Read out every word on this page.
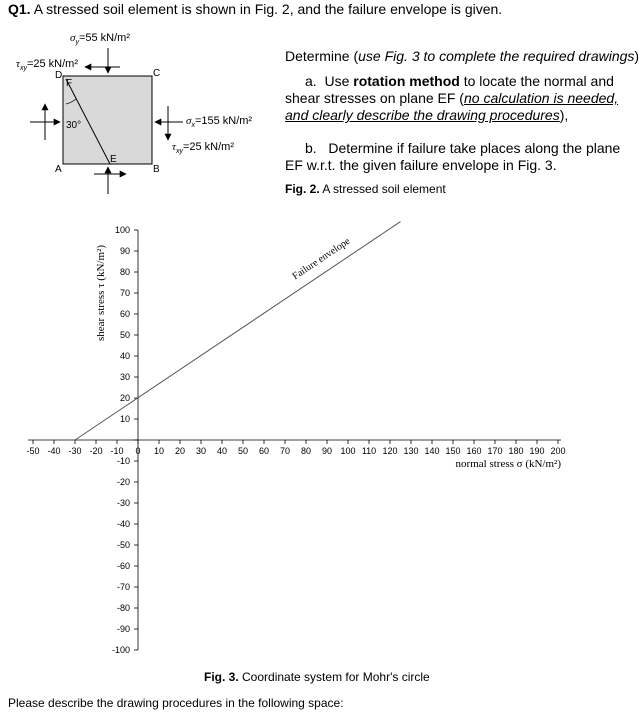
Q1. A stressed soil element is shown in Fig. 2, and the failure envelope is given.
$\sigma_y=55$ kN/m²
$\tau_{xy}=25$ kN/m²
$\sigma_x=155$ kN/m²
$\tau_{xy}=25$ kN/m²
30°
A	B
C
D
E
F
Determine (use Fig. 3 to complete the required drawings)
a. Use rotation method to locate the normal and
shear stresses on plane EF (no calculation is needed,
and clearly describe the drawing procedures),
b. Determine if failure take places along the plane
EF w.r.t. the given failure envelope in Fig. 3.
Fig. 2. A stressed soil element
-50 -40 -30 -20 -10 0 10 20 30 40 50 60 70 80 90 100 110 120 130 140 150 160 170 180 190 200
-100
-90
-80
-70
-60
-50
-40
-30
-20
-10
10
20
30
40
50
60
70
80
90
100
normal stress σ (kN/m²)
shear stress τ (kN/m²)	Failure envelope
Fig. 3. Coordinate system for Mohr's circle
Please describe the drawing procedures in the following space:
